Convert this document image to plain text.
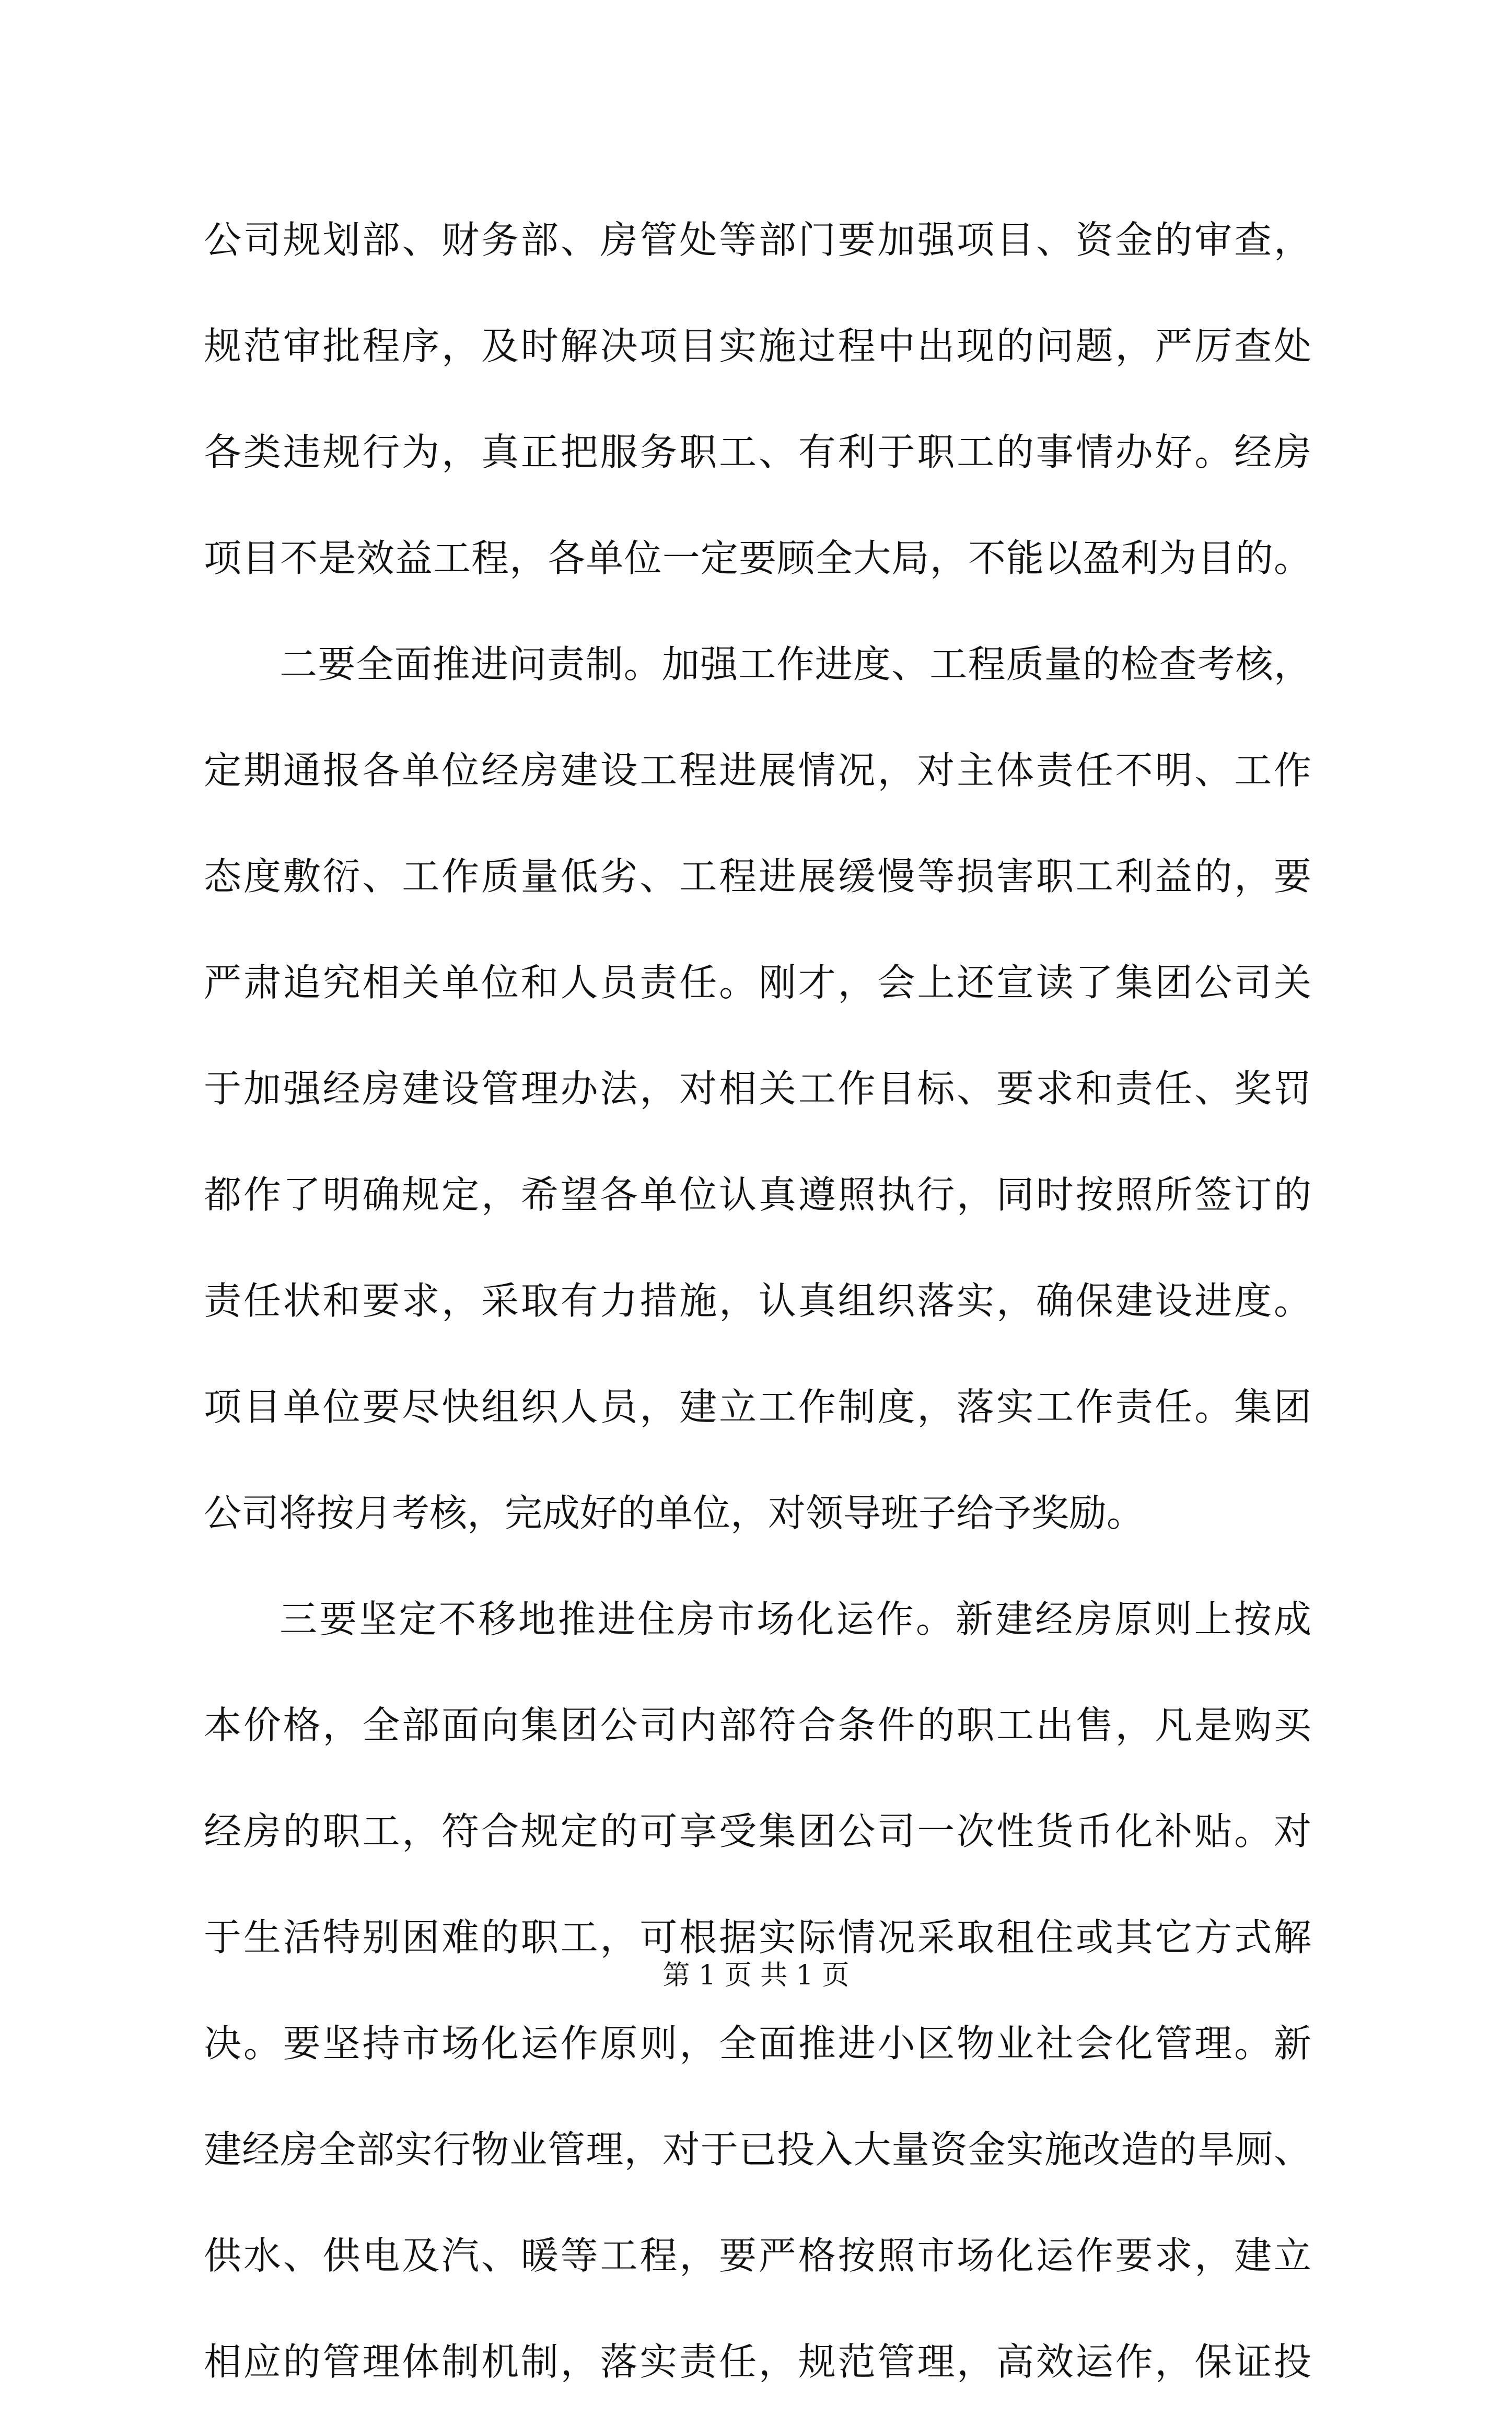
公司规划部、财务部、房管处等部门要加强项目、资金的审查，
规范审批程序，及时解决项目实施过程中出现的问题，严厉查处
各类违规行为，真正把服务职工、有利于职工的事情办好。经房
项目不是效益工程，各单位一定要顾全大局，不能以盈利为目的。
二要全面推进问责制。加强工作进度、工程质量的检查考核，
定期通报各单位经房建设工程进展情况，对主体责任不明、工作
态度敷衍、工作质量低劣、工程进展缓慢等损害职工利益的，要
严肃追究相关单位和人员责任。刚才，会上还宣读了集团公司关
于加强经房建设管理办法，对相关工作目标、要求和责任、奖罚
都作了明确规定，希望各单位认真遵照执行，同时按照所签订的
责任状和要求，采取有力措施，认真组织落实，确保建设进度。
项目单位要尽快组织人员，建立工作制度，落实工作责任。集团
公司将按月考核，完成好的单位，对领导班子给予奖励。
三要坚定不移地推进住房市场化运作。新建经房原则上按成
本价格，全部面向集团公司内部符合条件的职工出售，凡是购买
经房的职工，符合规定的可享受集团公司一次性货币化补贴。对
于生活特别困难的职工，可根据实际情况采取租住或其它方式解
决。要坚持市场化运作原则，全面推进小区物业社会化管理。新
建经房全部实行物业管理，对于已投入大量资金实施改造的旱厕、
供水、供电及汽、暖等工程，要严格按照市场化运作要求，建立
相应的管理体制机制，落实责任，规范管理，高效运作，保证投
第 1 页 共 1 页
